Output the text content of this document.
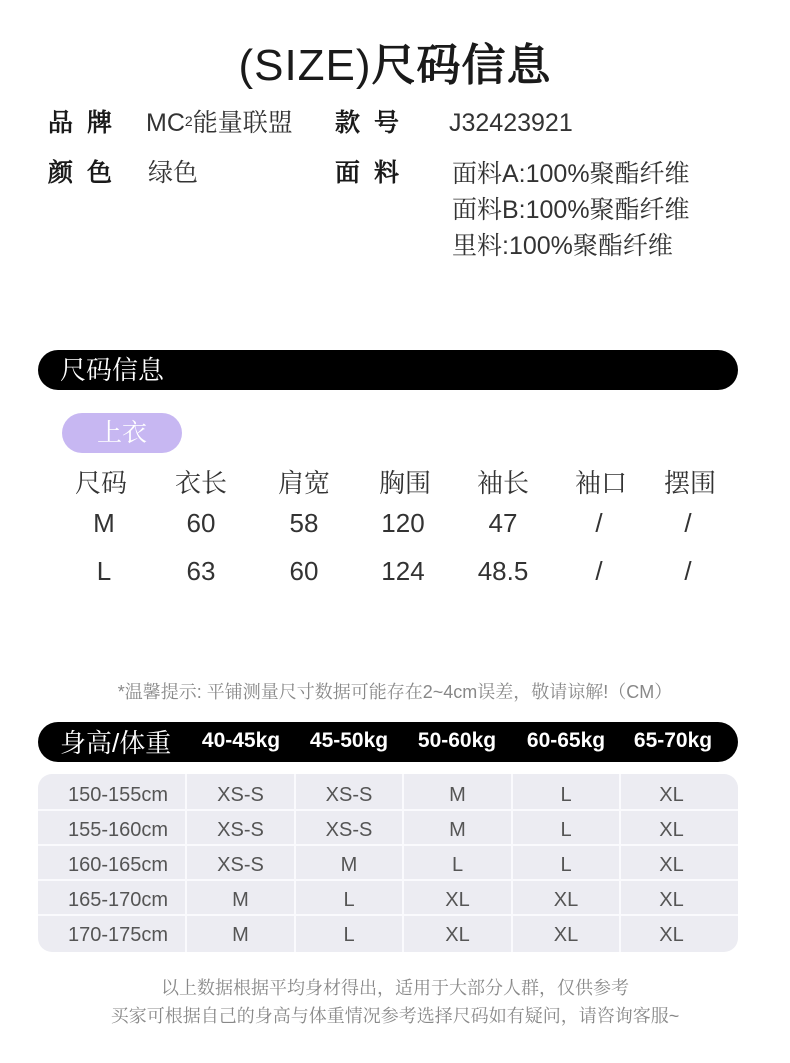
(SIZE)尺码信息
品牌 $MC^2$能量联盟 款号 J32423921
颜色 绿色	面料 面料A:100%聚酯纤维
面料B:100%聚酯纤维
里料:100%聚酯纤维
尺码信息
上衣
尺码	衣长	肩宽	胸围	袖长	袖口	摆围
M	60	58	120	47	/	/
L	63	60	124	48.5	/	/
*温馨提示: 平铺测量尺寸数据可能存在2~4cm误差，敬请谅解!（CM）
身高/体重	40-45kg	45-50kg	50-60kg	60-65kg	65-70kg
150-155cm	XS-S	XS-S	M	L	XL
155-160cm	XS-S	XS-S	M	L	XL
160-165cm	XS-S	M	L	L	XL
165-170cm	M	L	XL	XL	XL
170-175cm	M	L	XL	XL	XL
以上数据根据平均身材得出，适用于大部分人群，仅供参考
买家可根据自己的身高与体重情况参考选择尺码如有疑问，请咨询客服~
